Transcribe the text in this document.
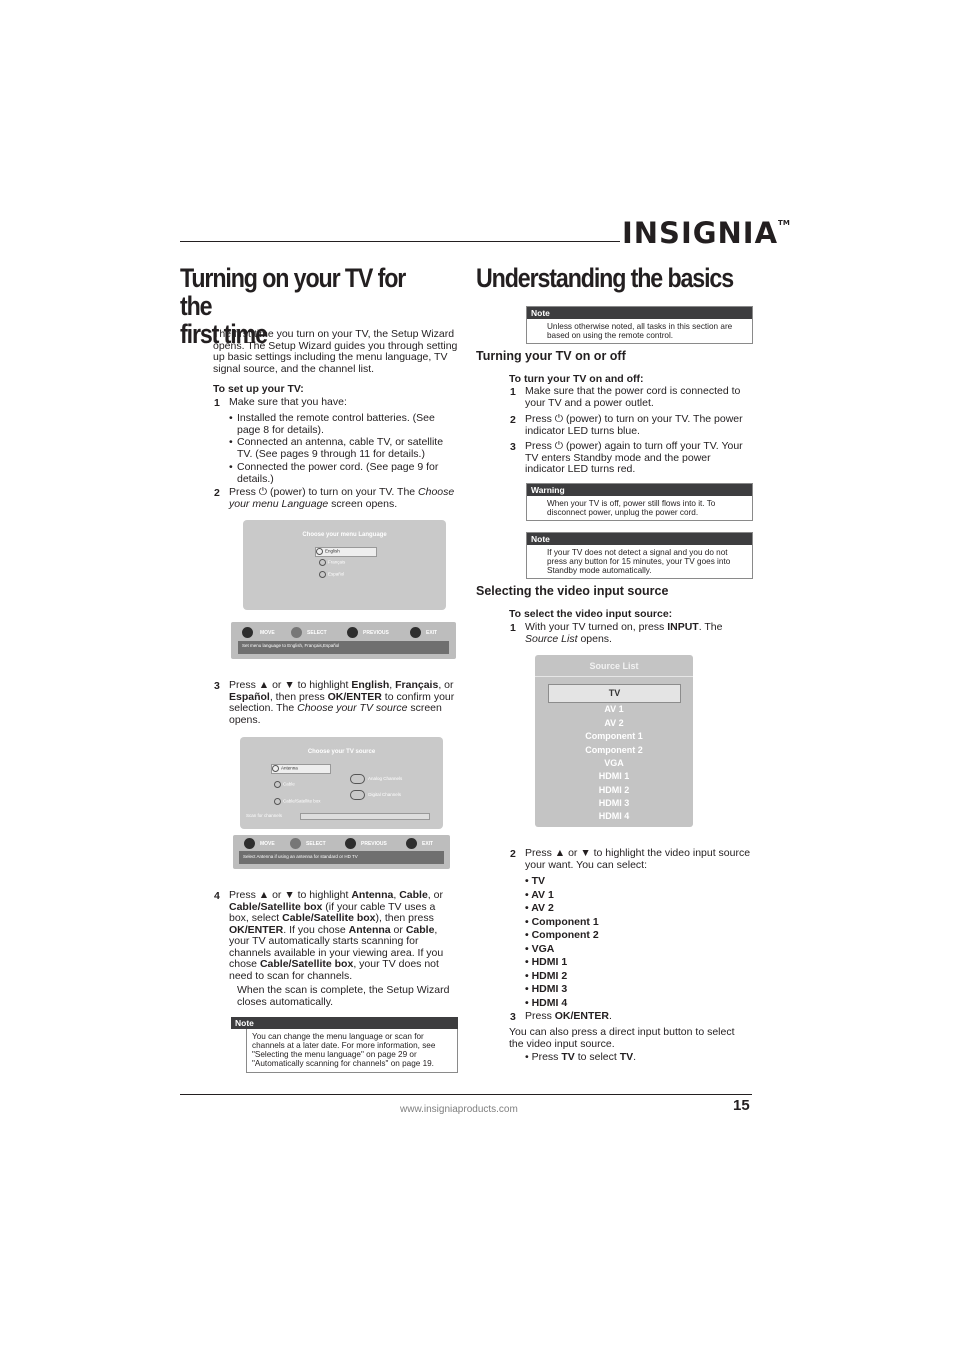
INSIGNIA™
Turning on your TV for the
first time
The first time you turn on your TV, the Setup Wizard opens. The Setup Wizard guides you through setting up basic settings including the menu language, TV signal source, and the channel list.
To set up your TV:
1 Make sure that you have:
• Installed the remote control batteries. (See page 8 for details).
• Connected an antenna, cable TV, or satellite TV. (See pages 9 through 11 for details.)
• Connected the power cord. (See page 9 for details.)
2 Press ⏻ (power) to turn on your TV. The Choose your menu Language screen opens.
Choose your menu Language
English
Français
Español
MOVE	SELECT	PREVIOUS	EXIT
Set menu language to English, Français,Español
3 Press ▲ or ▼ to highlight English, Français, or Español, then press OK/ENTER to confirm your selection. The Choose your TV source screen opens.
Choose your TV source
Antenna
Cable
Cable/Satellite box
Analog Channels
Digital Channels
Scan for channels
MOVE	SELECT	PREVIOUS	EXIT
Select Antenna if using an antenna for standard or HD TV
4 Press ▲ or ▼ to highlight Antenna, Cable, or Cable/Satellite box (if your cable TV uses a box, select Cable/Satellite box), then press OK/ENTER. If you chose Antenna or Cable, your TV automatically starts scanning for channels available in your viewing area. If you chose Cable/Satellite box, your TV does not need to scan for channels.
When the scan is complete, the Setup Wizard closes automatically.
Note
You can change the menu language or scan for channels at a later date. For more information, see "Selecting the menu language" on page 29 or "Automatically scanning for channels" on page 19.
Understanding the basics
Note
Unless otherwise noted, all tasks in this section are based on using the remote control.
Turning your TV on or off
To turn your TV on and off:
1 Make sure that the power cord is connected to your TV and a power outlet.
2 Press ⏻ (power) to turn on your TV. The power indicator LED turns blue.
3 Press ⏻ (power) again to turn off your TV. Your TV enters Standby mode and the power indicator LED turns red.
Warning
When your TV is off, power still flows into it. To disconnect power, unplug the power cord.
Note
If your TV does not detect a signal and you do not press any button for 15 minutes, your TV goes into Standby mode automatically.
Selecting the video input source
To select the video input source:
1 With your TV turned on, press INPUT. The Source List opens.
Source List
TV
AV 1
AV 2
Component 1
Component 2
VGA
HDMI 1
HDMI 2
HDMI 3
HDMI 4
2 Press ▲ or ▼ to highlight the video input source your want. You can select:
• TV
• AV 1
• AV 2
• Component 1
• Component 2
• VGA
• HDMI 1
• HDMI 2
• HDMI 3
• HDMI 4
3 Press OK/ENTER.
You can also press a direct input button to select the video input source.
• Press TV to select TV.
www.insigniaproducts.com	15
